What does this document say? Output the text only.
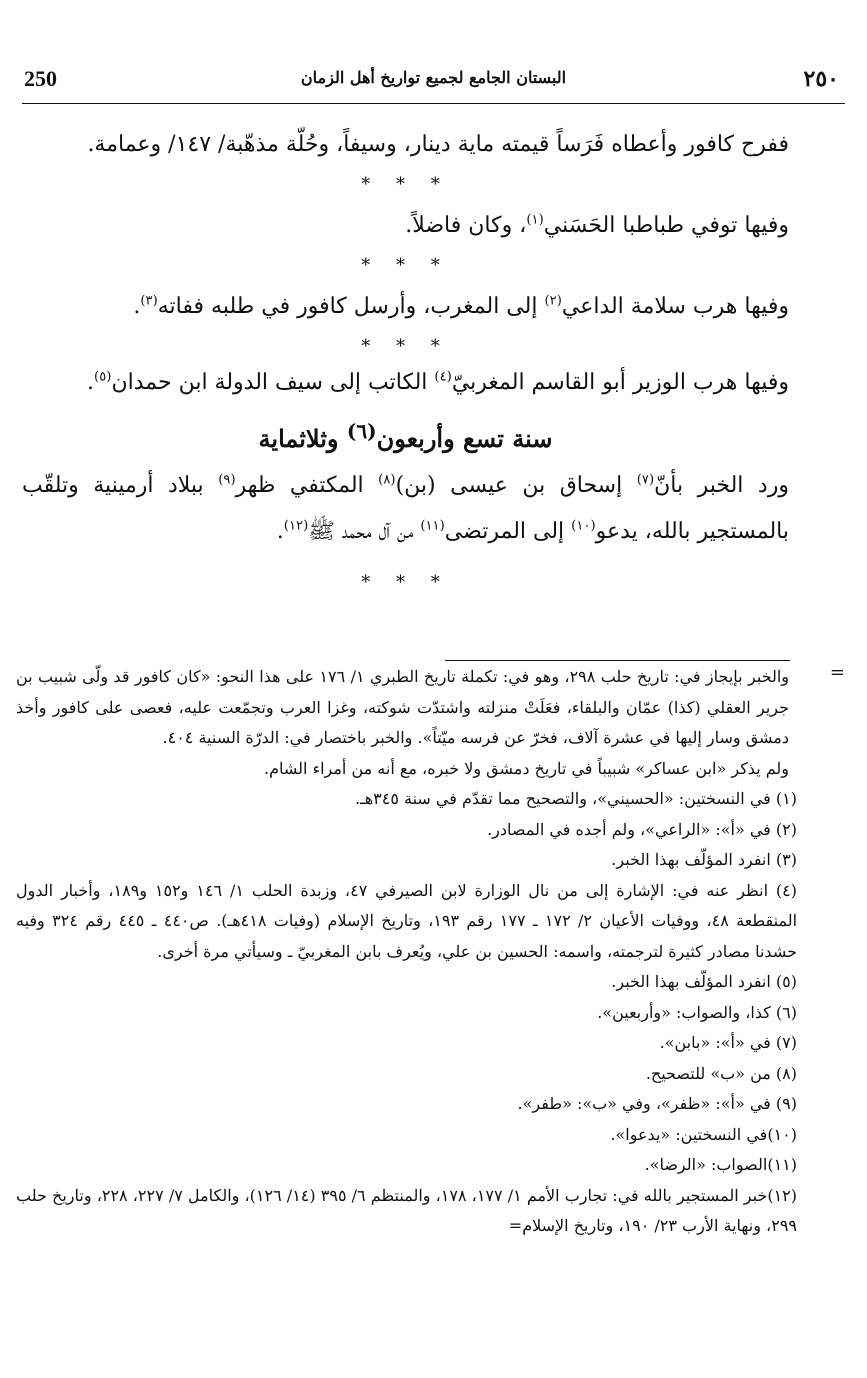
250	البستان الجامع لجميع تواريخ أهل الزمان	٢٥٠

ففرح كافور وأعطاه فَرَساً قيمته ماية دينار، وسيفاً، وحُلّة مذهّبة/ ١٤٧/ وعمامة.

* * *

وفيها توفي طباطبا الحَسَني$^{(١)}$، وكان فاضلاً.

* * *

وفيها هرب سلامة الداعي$^{(٢)}$ إلى المغرب، وأرسل كافور في طلبه ففاته$^{(٣)}$.

* * *

وفيها هرب الوزير أبو القاسم المغربيّ$^{(٤)}$ الكاتب إلى سيف الدولة ابن حمدان$^{(٥)}$.

سنة تسع وأربعون$^{(٦)}$ وثلاثماية

ورد الخبر بأنّ$^{(٧)}$ إسحاق بن عيسى (بن)$^{(٨)}$ المكتفي ظهر$^{(٩)}$ ببلاد أرمينية وتلقّب بالمستجير بالله، يدعو$^{(١٠)}$ إلى المرتضى$^{(١١)}$ من آل محمد ﷺ$^{(١٢)}$.

* * *

=

والخبر بإيجاز في: تاريخ حلب ٢٩٨، وهو في: تكملة تاريخ الطبري ١/ ١٧٦ على هذا النحو: «كان كافور قد ولّى شبيب بن جرير العقلي (كذا) عمّان والبلقاء، فعَلَتْ منزلته واشتدّت شوكته، وغزا العرب وتجمّعت عليه، فعصى على كافور وأخذ دمشق وسار إليها في عشرة آلاف، فخرّ عن فرسه ميّتاً». والخبر باختصار في: الدرّة السنية ٤٠٤.

ولم يذكر «ابن عساكر» شبيباً في تاريخ دمشق ولا خبره، مع أنه من أمراء الشام.

(١) في النسختين: «الحسيني»، والتصحيح مما تقدّم في سنة ٣٤٥هـ.

(٢) في «أ»: «الراعي»، ولم أجده في المصادر.

(٣) انفرد المؤلّف بهذا الخبر.

(٤) انظر عنه في: الإشارة إلى من نال الوزارة لابن الصيرفي ٤٧، وزبدة الحلب ١/ ١٤٦ و١٥٢ و١٨٩، وأخبار الدول المنقطعة ٤٨، ووفيات الأعيان ٢/ ١٧٢ ـ ١٧٧ رقم ١٩٣، وتاريخ الإسلام (وفيات ٤١٨هـ). ص٤٤٠ ـ ٤٤٥ رقم ٣٢٤ وفيه حشدنا مصادر كثيرة لترجمته، واسمه: الحسين بن علي، ويُعرف بابن المغربيّ ـ وسيأتي مرة أخرى.

(٥) انفرد المؤلّف بهذا الخبر.

(٦) كذا، والصواب: «وأربعين».

(٧) في «أ»: «بابن».

(٨) من «ب» للتصحيح.

(٩) في «أ»: «ظفر»، وفي «ب»: «طفر».

(١٠)في النسختين: «يدعوا».

(١١)الصواب: «الرضا».

(١٢)خبر المستجير بالله في: تجارب الأمم ١/ ١٧٧، ١٧٨، والمنتظم ٦/ ٣٩٥ (١٤/ ١٢٦)، والكامل ٧/ ٢٢٧، ٢٢٨، وتاريخ حلب ٢٩٩، ونهاية الأرب ٢٣/ ١٩٠، وتاريخ الإسلام=
